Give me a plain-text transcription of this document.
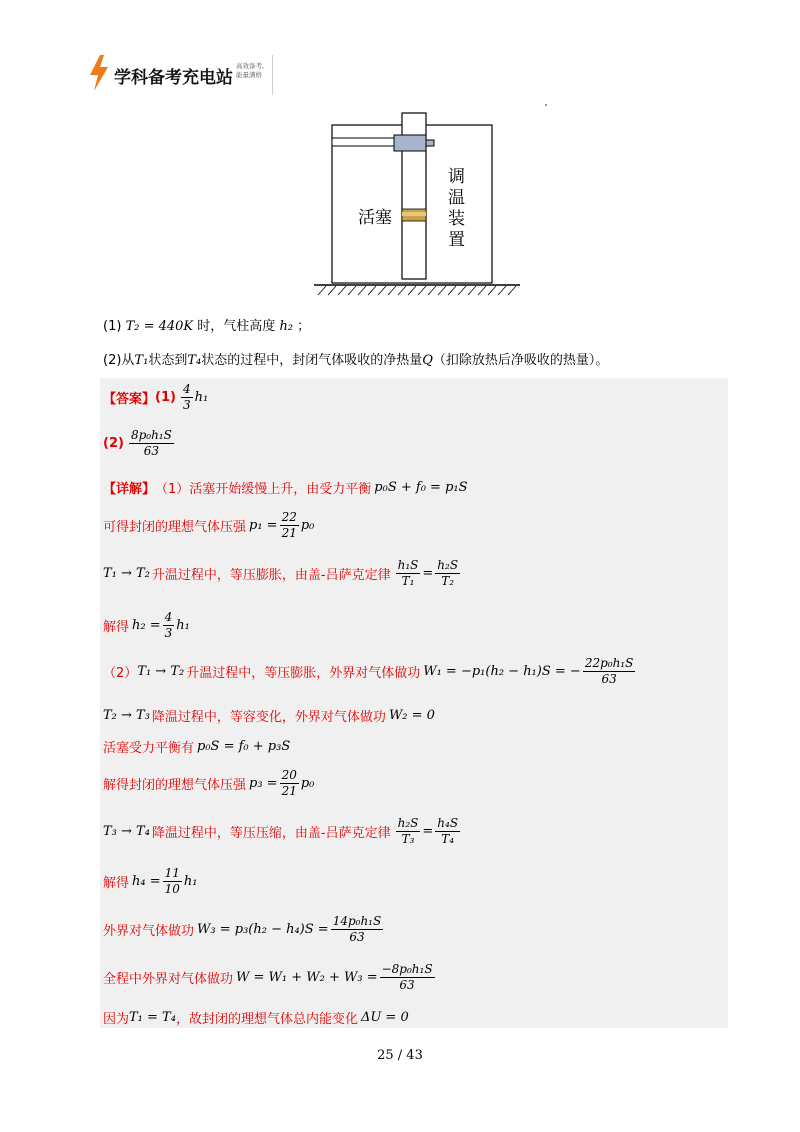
学科备考充电站
高效备考,
能量满格
活塞
调
温
装
置
(1) T₂ = 440K 时，气柱高度 h₂ ；
(2)从T₁状态到T₄状态的过程中，封闭气体吸收的净热量Q（扣除放热后净吸收的热量）。
【答案】 $(1) \frac{4}{3} h_1$
$(2) \frac{\text{8p₀h₁S}}{63}$
【详解】 （1）活塞开始缓慢上升，由受力平衡 p₀S + f₀ = p₁S
可得封闭的理想气体压强 $p_1 = \frac{22}{21} p_0$
T₁ → T₂ 升温过程中，等压膨胀，由盖-吕萨克定律 $\frac{\text{h₁S}}{\text{T₁}} = \frac{\text{h₂S}}{\text{T₂}}$
解得 $h_2 = \frac{4}{3} h_1$
（2） T₁ → T₂ 升温过程中，等压膨胀，外界对气体做功 W₁ = −p₁(h₂ − h₁)S = − $\frac{\text{22p₀h₁S}}{63}$
T₂ → T₃ 降温过程中，等容变化，外界对气体做功 W₂ = 0
活塞受力平衡有 p₀S = f₀ + p₃S
解得封闭的理想气体压强 $p_3 = \frac{20}{21} p_0$
T₃ → T₄ 降温过程中，等压压缩，由盖-吕萨克定律 $\frac{\text{h₂S}}{\text{T₃}} = \frac{\text{h₄S}}{\text{T₄}}$
解得 $h_4 = \frac{11}{10} h_1$
外界对气体做功 $W_3 = p_3(h_2 - h_4)S = \frac{\text{14p₀h₁S}}{63}$
全程中外界对气体做功 $W = W_1 + W_2 + W_3 = \frac{\text{−8p₀h₁S}}{63}$
因为 T₁ = T₄ ，故封闭的理想气体总内能变化 ΔU = 0
25 / 43
